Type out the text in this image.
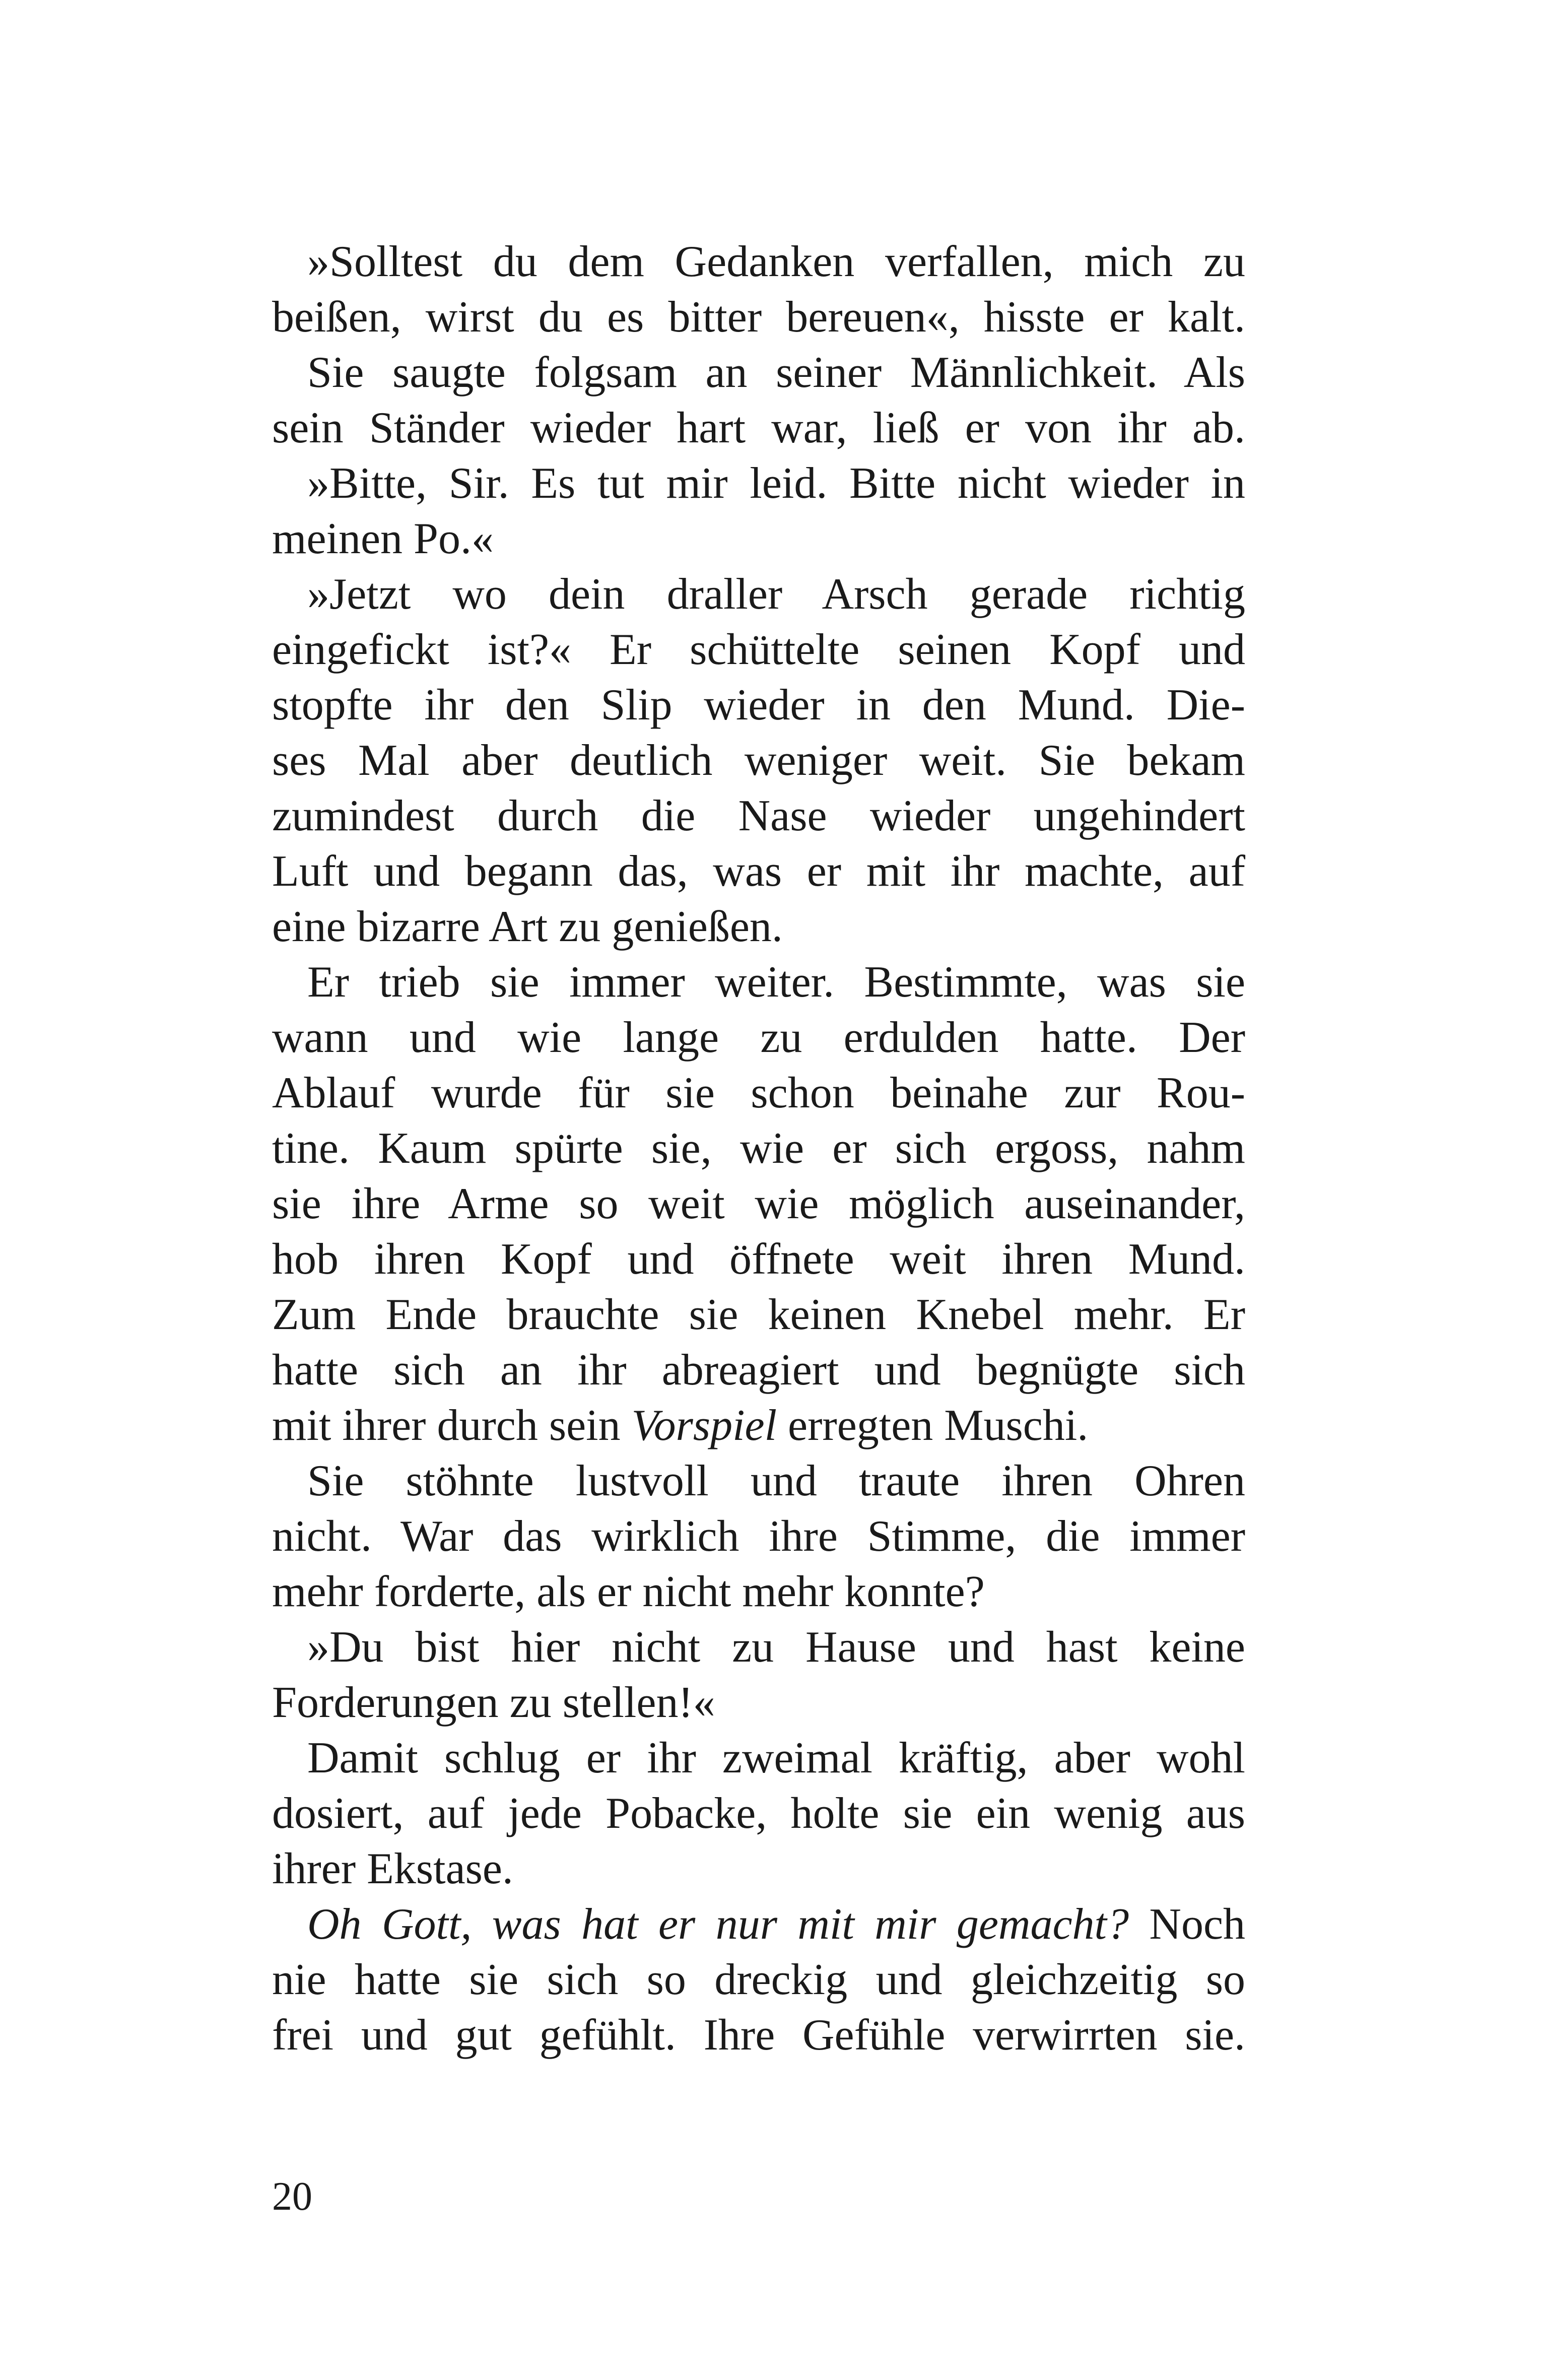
»Solltest du dem Gedanken verfallen, mich zu
beißen, wirst du es bitter bereuen«, hisste er kalt.
Sie saugte folgsam an seiner Männlichkeit. Als
sein Ständer wieder hart war, ließ er von ihr ab.
»Bitte, Sir. Es tut mir leid. Bitte nicht wieder in
meinen Po.«
»Jetzt wo dein draller Arsch gerade richtig
eingefickt ist?« Er schüttelte seinen Kopf und
stopfte ihr den Slip wieder in den Mund. Die-
ses Mal aber deutlich weniger weit. Sie bekam
zumindest durch die Nase wieder ungehindert
Luft und begann das, was er mit ihr machte, auf
eine bizarre Art zu genießen.
Er trieb sie immer weiter. Bestimmte, was sie
wann und wie lange zu erdulden hatte. Der
Ablauf wurde für sie schon beinahe zur Rou-
tine. Kaum spürte sie, wie er sich ergoss, nahm
sie ihre Arme so weit wie möglich auseinander,
hob ihren Kopf und öffnete weit ihren Mund.
Zum Ende brauchte sie keinen Knebel mehr. Er
hatte sich an ihr abreagiert und begnügte sich
mit ihrer durch sein Vorspiel erregten Muschi.
Sie stöhnte lustvoll und traute ihren Ohren
nicht. War das wirklich ihre Stimme, die immer
mehr forderte, als er nicht mehr konnte?
»Du bist hier nicht zu Hause und hast keine
Forderungen zu stellen!«
Damit schlug er ihr zweimal kräftig, aber wohl
dosiert, auf jede Pobacke, holte sie ein wenig aus
ihrer Ekstase.
Oh Gott, was hat er nur mit mir gemacht? Noch
nie hatte sie sich so dreckig und gleichzeitig so
frei und gut gefühlt. Ihre Gefühle verwirrten sie.
20
